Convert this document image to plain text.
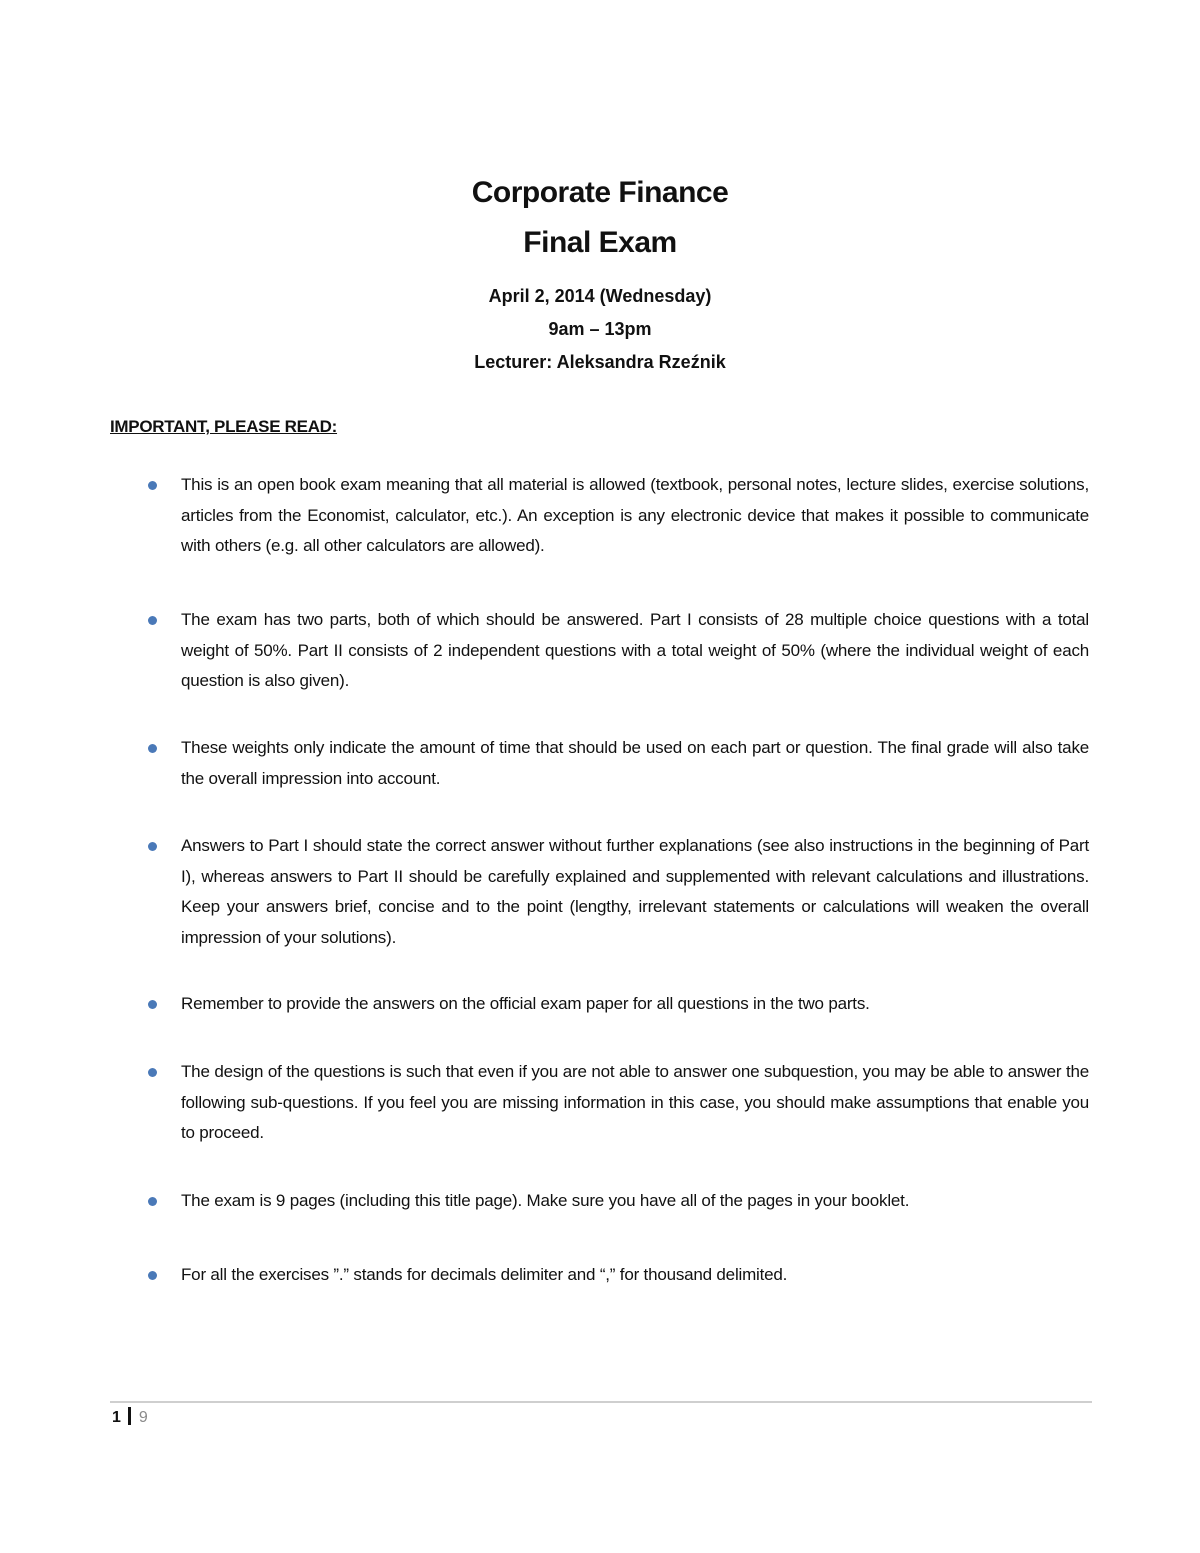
Corporate Finance
Final Exam
April 2, 2014 (Wednesday)
9am – 13pm
Lecturer: Aleksandra Rzeźnik
IMPORTANT, PLEASE READ:
This is an open book exam meaning that all material is allowed (textbook, personal notes, lecture slides, exercise solutions, articles from the Economist, calculator, etc.). An exception is any electronic device that makes it possible to communicate with others (e.g. all other calculators are allowed).
The exam has two parts, both of which should be answered. Part I consists of 28 multiple choice questions with a total weight of 50%. Part II consists of 2 independent questions with a total weight of 50% (where the individual weight of each question is also given).
These weights only indicate the amount of time that should be used on each part or question. The final grade will also take the overall impression into account.
Answers to Part I should state the correct answer without further explanations (see also instructions in the beginning of Part I), whereas answers to Part II should be carefully explained and supplemented with relevant calculations and illustrations. Keep your answers brief, concise and to the point (lengthy, irrelevant statements or calculations will weaken the overall impression of your solutions).
Remember to provide the answers on the official exam paper for all questions in the two parts.
The design of the questions is such that even if you are not able to answer one subquestion, you may be able to answer the following sub-questions. If you feel you are missing information in this case, you should make assumptions that enable you to proceed.
The exam is 9 pages (including this title page). Make sure you have all of the pages in your booklet.
For all the exercises ”.” stands for decimals delimiter and “,” for thousand delimited.
1 9
